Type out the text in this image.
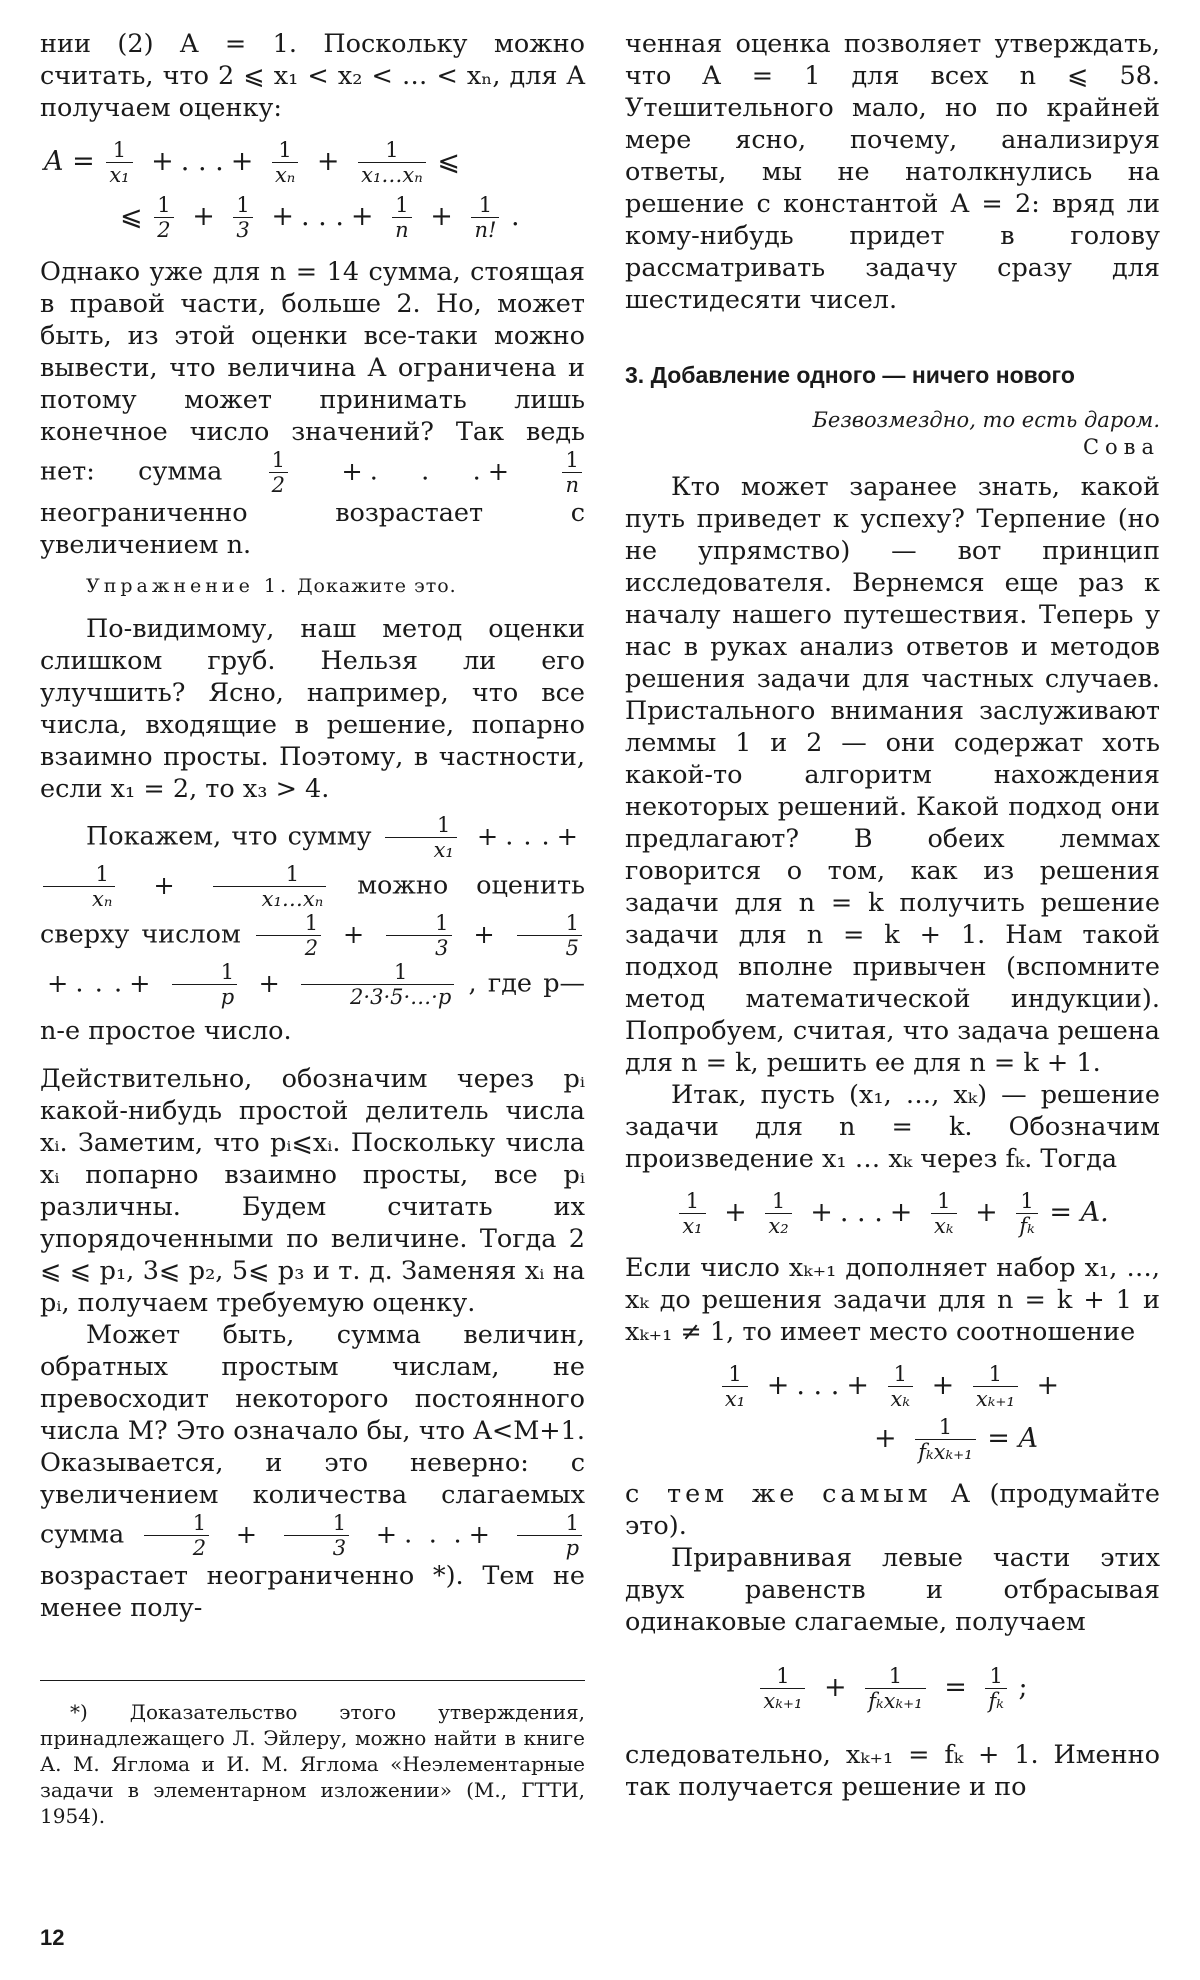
нии (2) A = 1. Поскольку можно считать, что 2 ⩽ x₁ < x₂ < … < xₙ, для A получаем оценку:

$A = \frac{1}{\text{x₁}}$ + . . . + $\frac{1}{\text{xₙ}} + \frac{1}{\text{x₁…xₙ}}$ ⩽
⩽ $\frac{1}{2} + \frac{1}{3}$ + . . . + $\frac{1}{n} + \frac{1}{n!}$ .

Однако уже для n = 14 сумма, стоящая в правой части, больше 2. Но, может быть, из этой оценки все-таки можно вывести, что величина A ограничена и потому может принимать лишь конечное число значений? Так ведь нет: сумма $\frac{1}{2}$ + . . . +	$\frac{1}{n}$
неограниченно возрастает с увеличением n.

Упражнение 1. Докажите это.

По-видимому, наш метод оценки слишком груб. Нельзя ли его улучшить? Ясно, например, что все числа, входящие в решение, попарно взаимно просты. Поэтому, в частности, если x₁ = 2, то x₃ > 4.

Покажем, что сумму $\frac{1}{\text{x₁}}$ + . . . +
$\frac{1}{\text{xₙ}} + \frac{1}{\text{x₁…xₙ}}$ можно оценить сверху числом $\frac{1}{2} + \frac{1}{3} + \frac{1}{5}$
+ . . . + $\frac{1}{p} + \frac{1}{2\cdot 3\cdot 5\cdot\dots\cdot p}$ , где p—n-е простое число.

Действительно, обозначим через pᵢ какой-нибудь простой делитель числа xᵢ. Заметим, что pᵢ⩽xᵢ. Поскольку числа xᵢ попарно взаимно просты, все pᵢ различны. Будем считать их упорядоченными по величине. Тогда 2 ⩽ ⩽ p₁, 3⩽ p₂, 5⩽ p₃ и т. д. Заменяя xᵢ на pᵢ, получаем требуемую оценку.

Может быть, сумма величин, обратных простым числам, не превосходит некоторого постоянного числа M? Это означало бы, что A<M+1. Оказывается, и это неверно: с увеличением количества слагаемых сумма $\frac{1}{2} + \frac{1}{3}$ + . . . + $\frac{1}{p}$
возрастает неограниченно *). Тем не менее полу-

*) Доказательство этого утверждения, принадлежащего Л. Эйлеру, можно найти в книге А. М. Яглома и И. М. Яглома «Неэлементарные задачи в элементарном изложении» (М., ГТТИ, 1954).

ченная оценка позволяет утверждать, что A = 1 для всех n ⩽ 58. Утешительного мало, но по крайней мере ясно, почему, анализируя ответы, мы не натолкнулись на решение с константой A = 2: вряд ли кому-нибудь придет в голову рассматривать задачу сразу для шестидесяти чисел.

3. Добавление одного — ничего нового
Безвозмездно, то есть даром.
Сова

Кто может заранее знать, какой путь приведет к успеху? Терпение (но не упрямство) — вот принцип исследователя. Вернемся еще раз к началу нашего путешествия. Теперь у нас в руках анализ ответов и методов решения задачи для частных случаев. Пристального внимания заслуживают леммы 1 и 2 — они содержат хоть какой-то алгоритм нахождения некоторых решений. Какой подход они предлагают? В обеих леммах говорится о том, как из решения задачи для n = k получить решение задачи для n = k + 1. Нам такой подход вполне привычен (вспомните метод математической индукции). Попробуем, считая, что задача решена для n = k, решить ее для n = k + 1.

Итак, пусть (x₁, …, xₖ) — решение задачи для n = k. Обозначим произведение x₁ … xₖ через fₖ. Тогда

$\frac{1}{\text{x₁}} + \frac{1}{\text{x₂}}$ + . . . + $\frac{1}{\text{xₖ}} + \frac{1}{\text{fₖ}} = A$.

Если число xₖ₊₁ дополняет набор x₁, …, xₖ до решения задачи для n = k + 1 и xₖ₊₁ ≠ 1, то имеет место соотношение

$\frac{1}{\text{x₁}}$ + . . . + $\frac{1}{\text{xₖ}} + \frac{1}{\text{xₖ₊₁}}$ +
+ $\frac{1}{\text{fₖxₖ₊₁}} = A$

с тем же самым A (продумайте это).

Приравнивая левые части этих двух равенств и отбрасывая одинаковые слагаемые, получаем

$\frac{1}{\text{xₖ₊₁}} + \frac{1}{\text{fₖxₖ₊₁}} = \frac{1}{\text{fₖ}}$ ;

следовательно, xₖ₊₁ = fₖ + 1. Именно так получается решение и по

12
